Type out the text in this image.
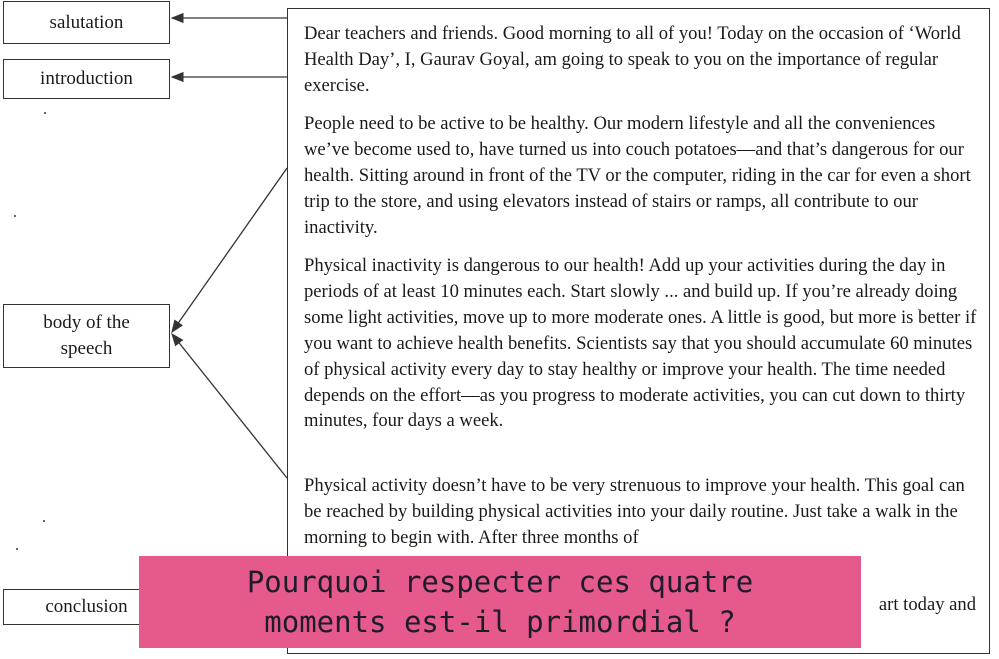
salutation
introduction
body of the
speech
conclusion

Dear teachers and friends. Good morning to all of you! Today on the occasion of ‘World Health Day’, I, Gaurav Goyal, am going to speak to you on the importance of regular exercise.

People need to be active to be healthy. Our modern lifestyle and all the conveniences we’ve become used to, have turned us into couch potatoes—and that’s dangerous for our health. Sitting around in front of the TV or the computer, riding in the car for even a short trip to the store, and using elevators instead of stairs or ramps, all contribute to our inactivity.

Physical inactivity is dangerous to our health! Add up your activities during the day in periods of at least 10 minutes each. Start slowly ... and build up. If you’re already doing some light activities, move up to more moderate ones. A little is good, but more is better if you want to achieve health benefits. Scientists say that you should accumulate 60 minutes of physical activity every day to stay healthy or improve your health. The time needed depends on the effort—as you progress to moderate activities, you can cut down to thirty minutes, four days a week.

Physical activity doesn’t have to be very strenuous to improve your health. This goal can be reached by building physical activities into your daily routine. Just take a walk in the morning to begin with. After three months of

art today and

Pourquoi respecter ces quatre
moments est-il primordial ?
